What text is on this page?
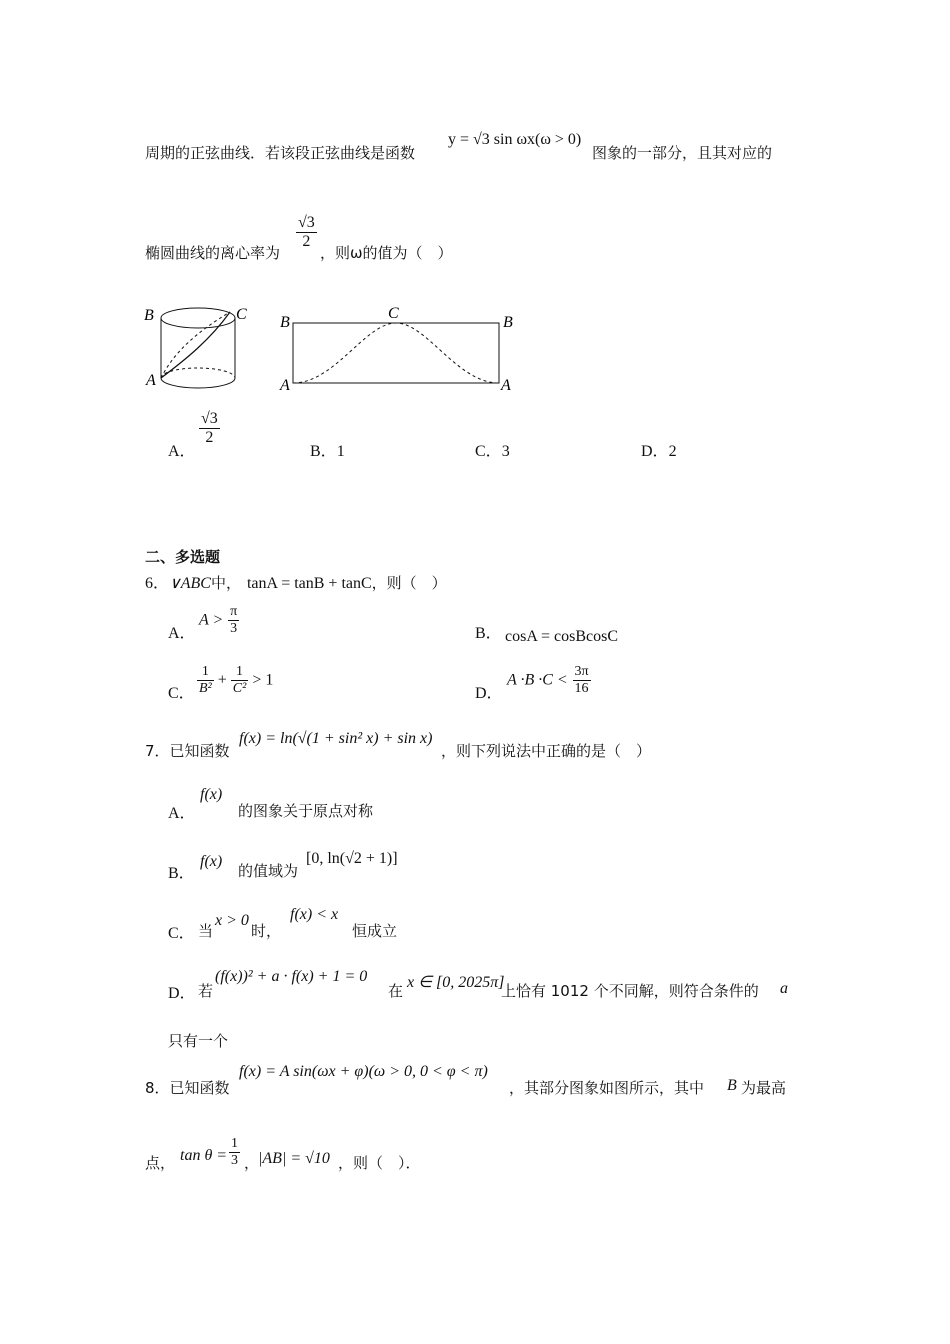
周期的正弦曲线．若该段正弦曲线是函数
y = √3 sin ωx(ω > 0)
图象的一部分，且其对应的
椭圆曲线的离心率为
$\frac{√3}{2}$
，则ω的值为（　）
B	C
A
B
C
B
A	A
A．
$\frac{√3}{2}$
B．1	C．3	D．2
二、多选题
6．∨ABC中， tanA = tanB + tanC，则（　）
A．
$A > \frac{\pi}{3}$	B． cosA = cosBcosC
C． $\frac{1}{\text{B²}} + \frac{1}{\text{C²}} > 1$
D．
$A \cdot B \cdot C < \frac{3\pi}{16}$
7．已知函数
f(x) = ln(√(1 + sin² x) + sin x)
，则下列说法中正确的是（　）
A．
f(x)
的图象关于原点对称
B．
f(x)
的值域为
[0, ln(√2 + 1)]
C． 当
x > 0
时，
f(x) < x
恒成立
D． 若
(f(x))² + a · f(x) + 1 = 0
在 x ∈ [0, 2025π]
上恰有 1012 个不同解，则符合条件的 a
只有一个
8．已知函数
f(x) = A sin(ωx + φ)(ω > 0, 0 < φ < π)
，其部分图象如图所示，其中 B 为最高
点， $\tan \theta = \frac{1}{3}$ ，
|AB| = √10 ，则（　）．
